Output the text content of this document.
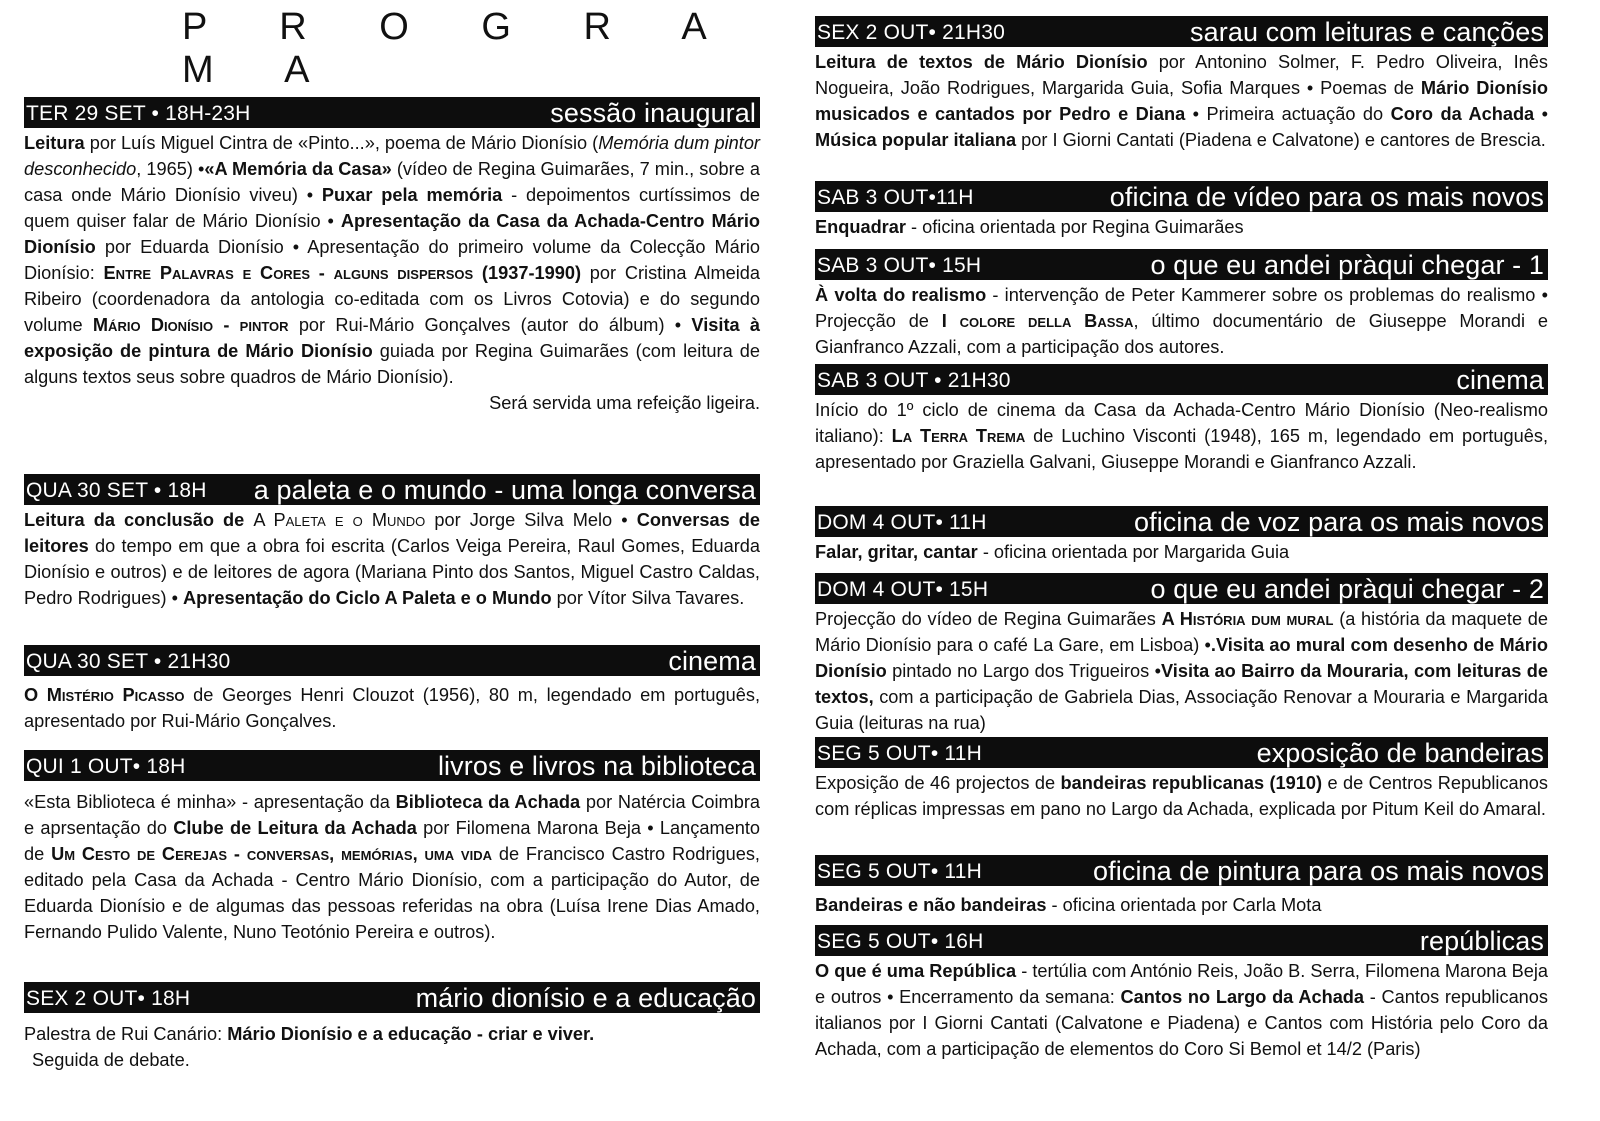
P R O G R A M A
TER 29 SET • 18H-23H	sessão inaugural

Leitura por Luís Miguel Cintra de «Pinto...», poema de Mário Dionísio (Memória dum pintor desconhecido, 1965) •«A Memória da Casa» (vídeo de Regina Guimarães, 7 min., sobre a casa onde Mário Dionísio viveu) • Puxar pela memória - depoimentos curtíssimos de quem quiser falar de Mário Dionísio • Apresentação da Casa da Achada-Centro Mário Dionísio por Eduarda Dionísio • Apresentação do primeiro volume da Colecção Mário Dionísio: Entre Palavras e Cores - alguns dispersos (1937-1990) por Cristina Almeida Ribeiro (coordenadora da antologia co-editada com os Livros Cotovia) e do segundo volume Mário Dionísio - pintor por Rui-Mário Gonçalves (autor do álbum) • Visita à exposição de pintura de Mário Dionísio guiada por Regina Guimarães (com leitura de alguns textos seus sobre quadros de Mário Dionísio).

Será servida uma refeição ligeira.

QUA 30 SET • 18H a paleta e o mundo - uma longa conversa

Leitura da conclusão de A Paleta e o Mundo por Jorge Silva Melo • Conversas de leitores do tempo em que a obra foi escrita (Carlos Veiga Pereira, Raul Gomes, Eduarda Dionísio e outros) e de leitores de agora (Mariana Pinto dos Santos, Miguel Castro Caldas, Pedro Rodrigues) • Apresentação do Ciclo A Paleta e o Mundo por Vítor Silva Tavares.

QUA 30 SET • 21H30	cinema

O Mistério Picasso de Georges Henri Clouzot (1956), 80 m, legendado em português, apresentado por Rui-Mário Gonçalves.

QUI 1 OUT• 18H	livros e livros na biblioteca

«Esta Biblioteca é minha» - apresentação da Biblioteca da Achada por Natércia Coimbra e aprsentação do Clube de Leitura da Achada por Filomena Marona Beja • Lançamento de Um Cesto de Cerejas - conversas, memórias, uma vida de Francisco Castro Rodrigues, editado pela Casa da Achada - Centro Mário Dionísio, com a participação do Autor, de Eduarda Dionísio e de algumas das pessoas referidas na obra (Luísa Irene Dias Amado, Fernando Pulido Valente, Nuno Teotónio Pereira e outros).

SEX 2 OUT• 18H	mário dionísio e a educação

Palestra de Rui Canário: Mário Dionísio e a educação - criar e viver.
Seguida de debate.

SEX 2 OUT• 21H30	sarau com leituras e canções

Leitura de textos de Mário Dionísio por Antonino Solmer, F. Pedro Oliveira, Inês Nogueira, João Rodrigues, Margarida Guia, Sofia Marques • Poemas de Mário Dionísio musicados e cantados por Pedro e Diana • Primeira actuação do Coro da Achada • Música popular italiana por I Giorni Cantati (Piadena e Calvatone) e cantores de Brescia.

SAB 3 OUT•11H	oficina de vídeo para os mais novos

Enquadrar - oficina orientada por Regina Guimarães

SAB 3 OUT• 15H	o que eu andei pràqui chegar - 1

À volta do realismo - intervenção de Peter Kammerer sobre os problemas do realismo • Projecção de I colore della Bassa, último documentário de Giuseppe Morandi e Gianfranco Azzali, com a participação dos autores.

SAB 3 OUT • 21H30	cinema

Início do 1º ciclo de cinema da Casa da Achada-Centro Mário Dionísio (Neo-realismo italiano): La Terra Trema de Luchino Visconti (1948), 165 m, legendado em português, apresentado por Graziella Galvani, Giuseppe Morandi e Gianfranco Azzali.

DOM 4 OUT• 11H	oficina de voz para os mais novos

Falar, gritar, cantar - oficina orientada por Margarida Guia

DOM 4 OUT• 15H	o que eu andei pràqui chegar - 2

Projecção do vídeo de Regina Guimarães A História dum mural (a história da maquete de Mário Dionísio para o café La Gare, em Lisboa) •.Visita ao mural com desenho de Mário Dionísio pintado no Largo dos Trigueiros •Visita ao Bairro da Mouraria, com leituras de textos, com a participação de Gabriela Dias, Associação Renovar a Mouraria e Margarida Guia (leituras na rua)

SEG 5 OUT• 11H	exposição de bandeiras

Exposição de 46 projectos de bandeiras republicanas (1910) e de Centros Republicanos com réplicas impressas em pano no Largo da Achada, explicada por Pitum Keil do Amaral.

SEG 5 OUT• 11H	oficina de pintura para os mais novos

Bandeiras e não bandeiras - oficina orientada por Carla Mota

SEG 5 OUT• 16H	repúblicas

O que é uma República - tertúlia com António Reis, João B. Serra, Filomena Marona Beja e outros • Encerramento da semana: Cantos no Largo da Achada - Cantos republicanos italianos por I Giorni Cantati (Calvatone e Piadena) e Cantos com História pelo Coro da Achada, com a participação de elementos do Coro Si Bemol et 14/2 (Paris)
